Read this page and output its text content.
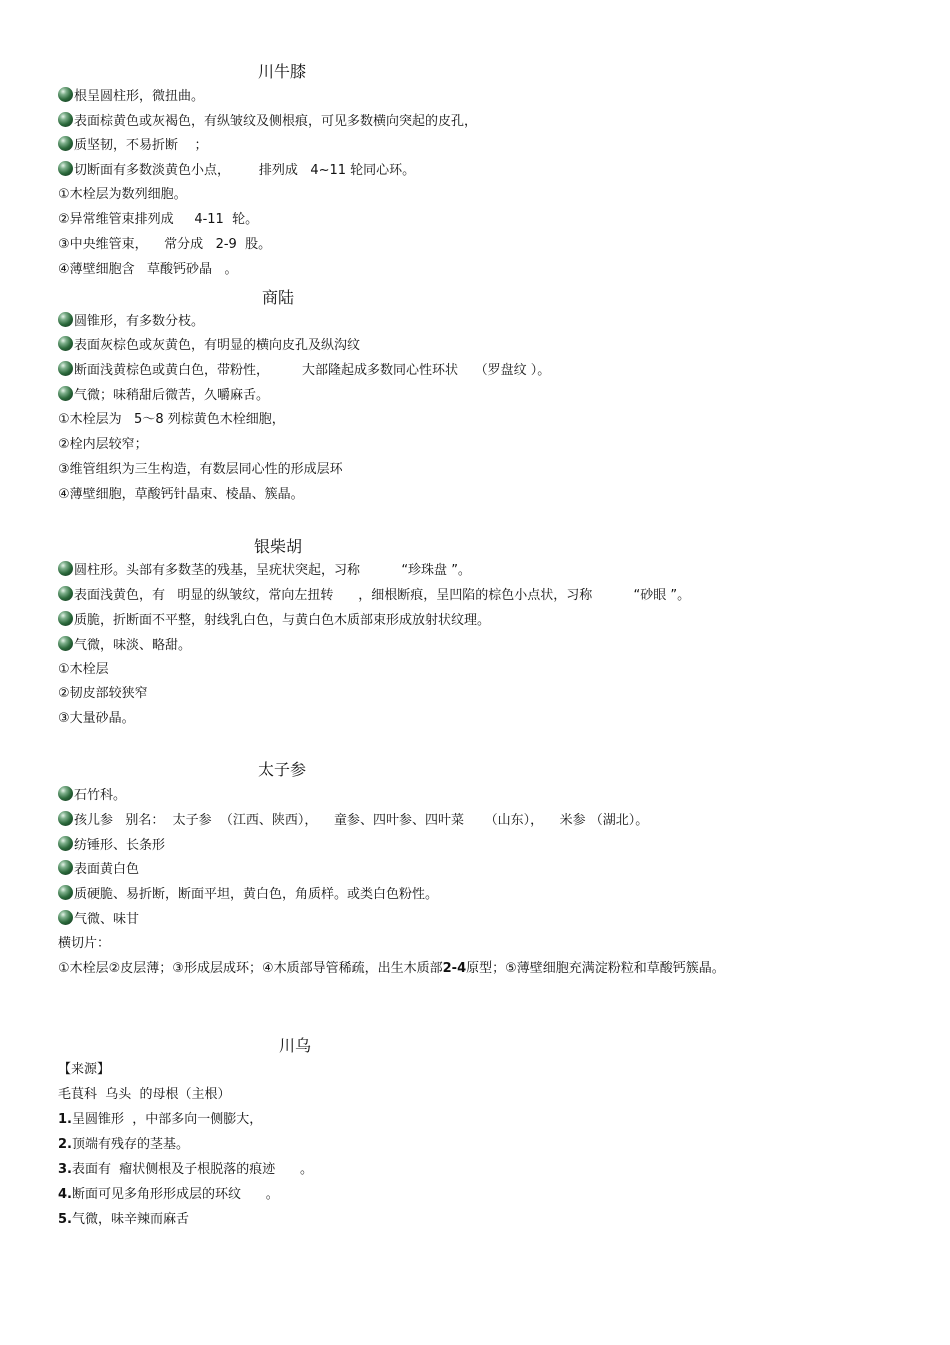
川牛膝
根呈圆柱形，微扭曲。
表面棕黄色或灰褐色，有纵皱纹及侧根痕，可见多数横向突起的皮孔，
质坚韧，不易折断    ；
切断面有多数淡黄色小点，       排列成   4~11 轮同心环。
①木栓层为数列细胞。
②异常维管束排列成     4-11  轮。
③中央维管束，    常分成   2-9  股。
④薄壁细胞含   草酸钙砂晶   。
商陆
圆锥形，有多数分枝。
表面灰棕色或灰黄色，有明显的横向皮孔及纵沟纹
断面浅黄棕色或黄白色，带粉性，        大部隆起成多数同心性环状    （罗盘纹 ）。
气微；味稍甜后微苦，久嚼麻舌。
①木栓层为   5～8 列棕黄色木栓细胞，
②栓内层较窄；
③维管组织为三生构造，有数层同心性的形成层环
④薄壁细胞，草酸钙针晶束、棱晶、簇晶。
银柴胡
圆柱形。头部有多数茎的残基，呈疣状突起，习称          “珍珠盘 ”。
表面浅黄色，有   明显的纵皱纹，常向左扭转      ，细根断痕，呈凹陷的棕色小点状，习称          “砂眼 ”。
质脆，折断面不平整，射线乳白色，与黄白色木质部束形成放射状纹理。
气微，味淡、略甜。
①木栓层
②韧皮部较狭窄
③大量砂晶。
太子参
石竹科。
孩儿参   别名：  太子参  （江西、陕西），    童参、四叶参、四叶菜     （山东），    米参 （湖北）。
纺锤形、长条形
表面黄白色
质硬脆、易折断，断面平坦，黄白色，角质样。或类白色粉性。
气微、味甘
横切片：
①木栓层②皮层薄；③形成层成环；④木质部导管稀疏，出生木质部2-4原型；⑤薄壁细胞充满淀粉粒和草酸钙簇晶。
川乌
【来源】
毛茛科  乌头  的母根（主根）
1.呈圆锥形  ，中部多向一侧膨大，
2.顶端有残存的茎基。
3.表面有  瘤状侧根及子根脱落的痕迹      。
4.断面可见多角形形成层的环纹      。
5.气微，味辛辣而麻舌
